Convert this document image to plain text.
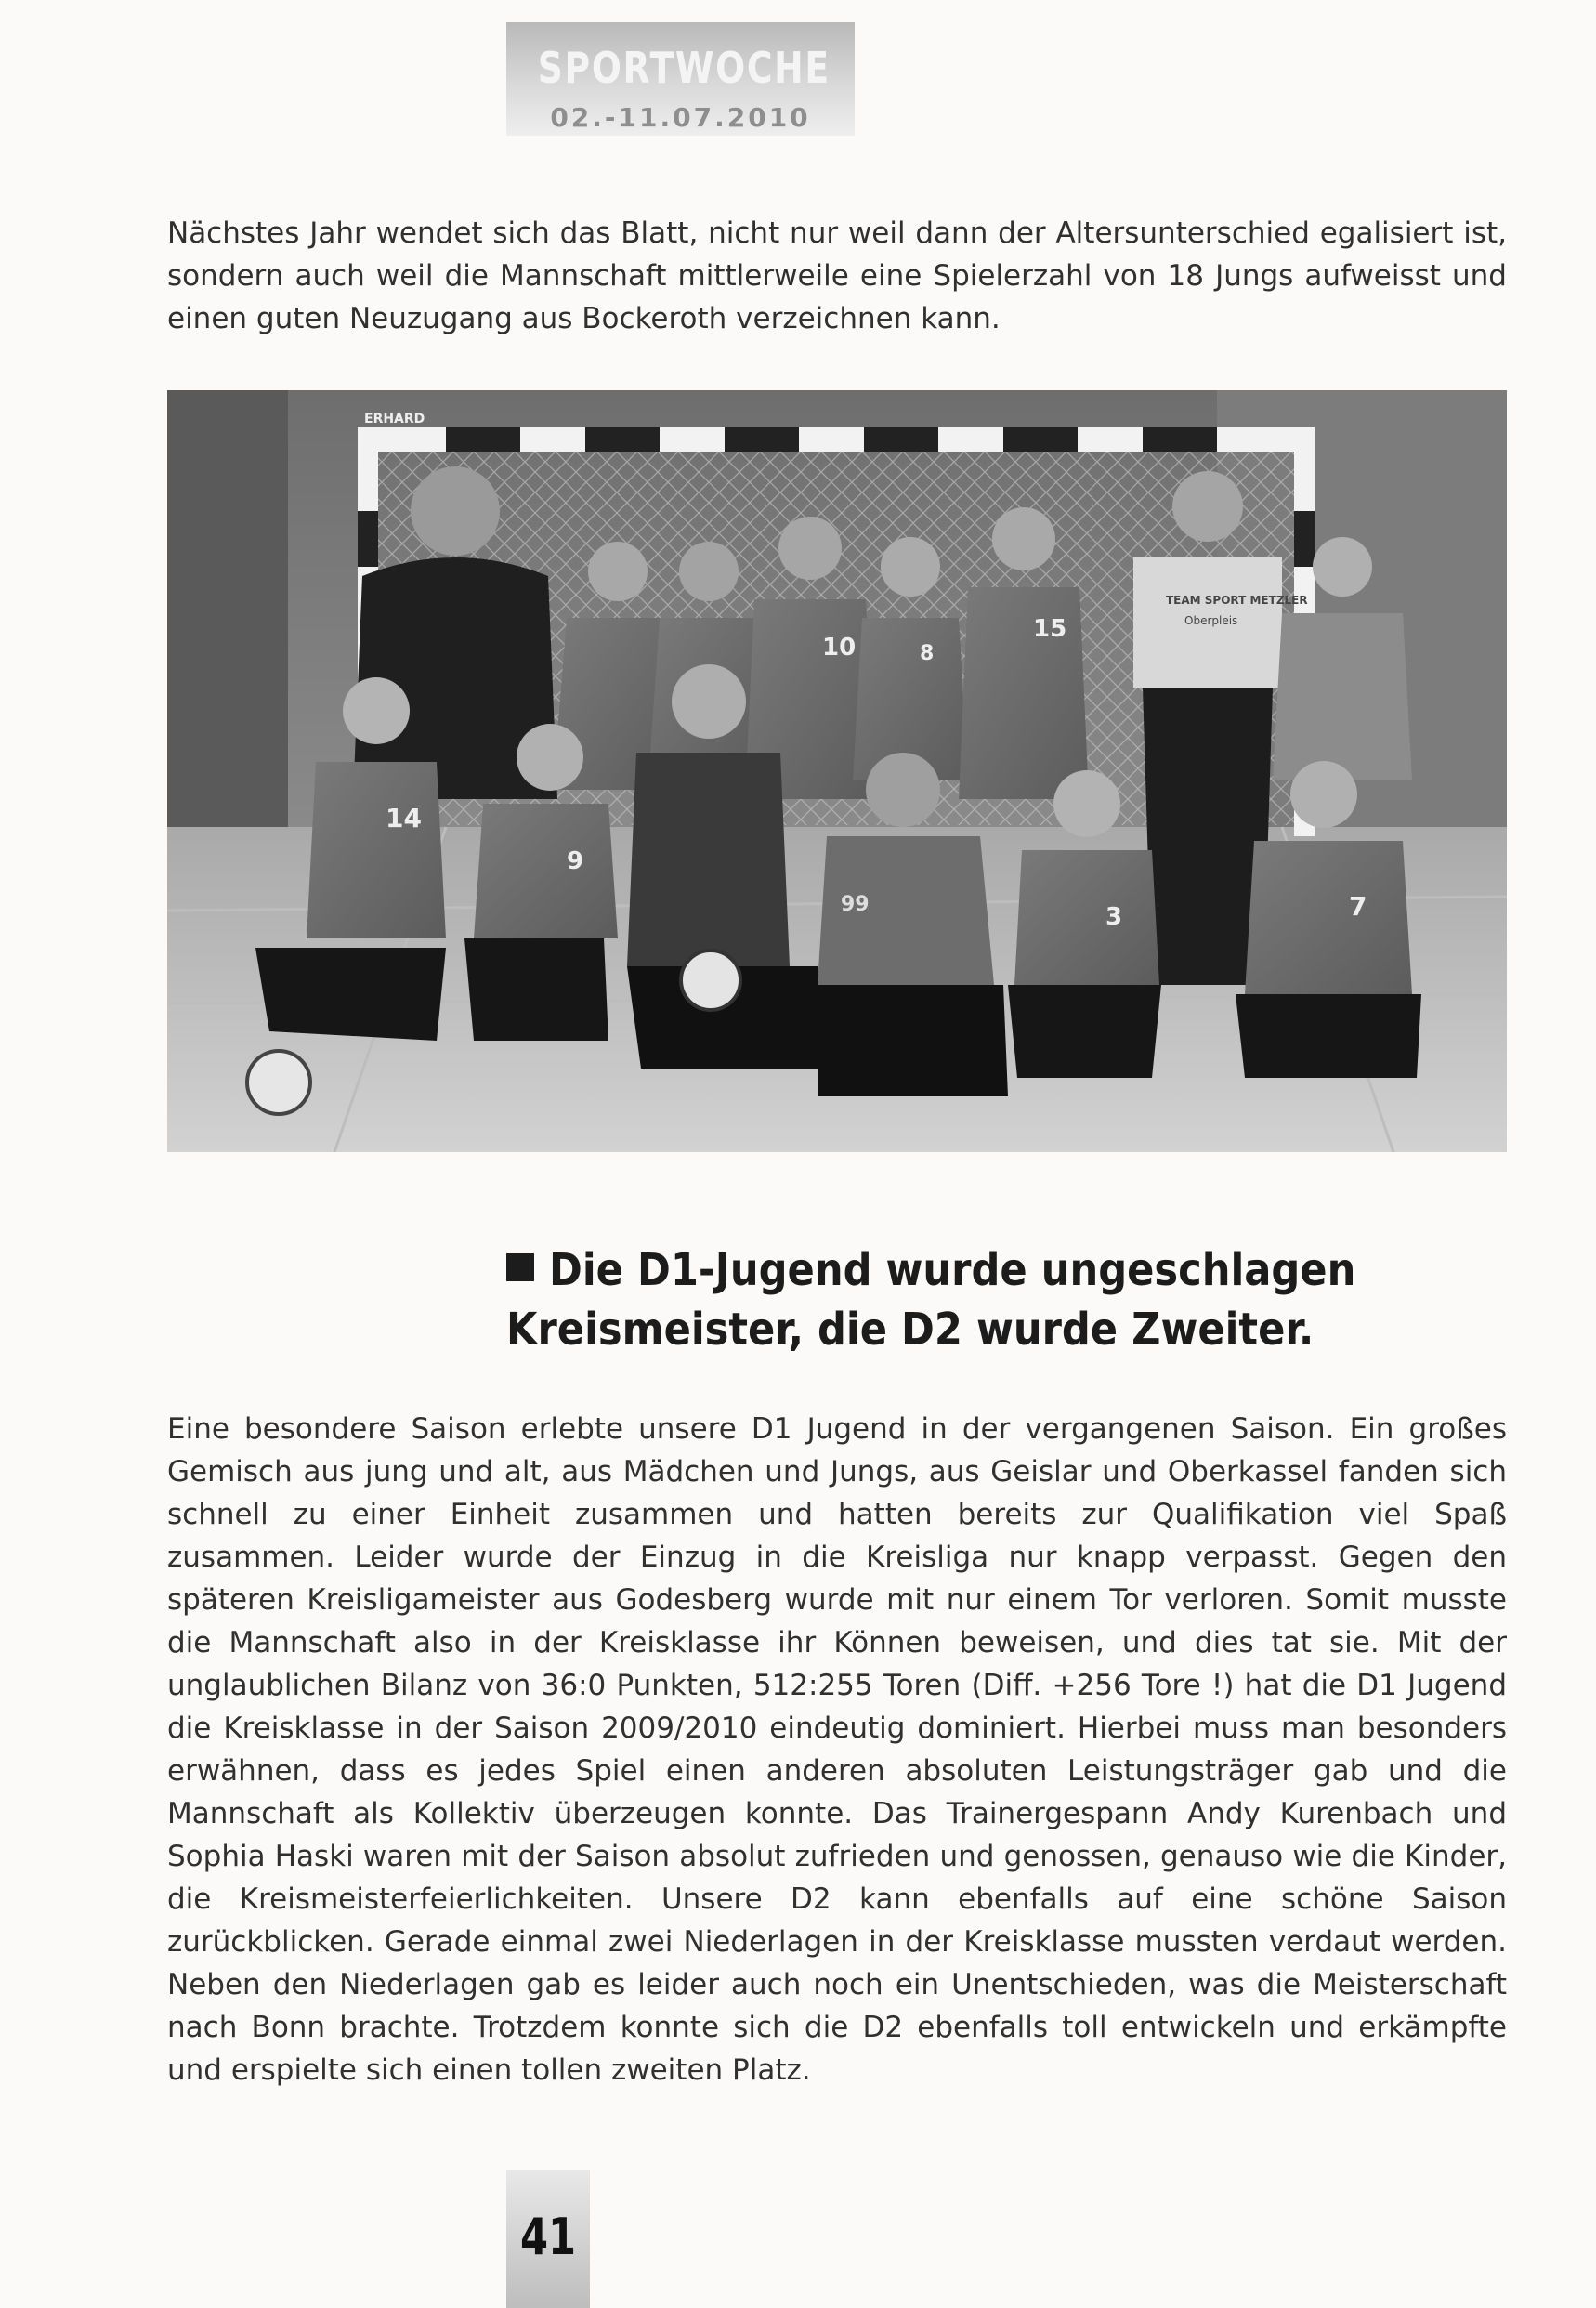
SPORTWOCHE
02.-11.07.2010
Nächstes Jahr wendet sich das Blatt, nicht nur weil dann der Altersunterschied egalisiert ist, sondern auch weil die Mannschaft mittlerweile eine Spielerzahl von 18 Jungs aufweisst und einen guten Neuzugang aus Bockeroth verzeichnen kann.
ERHARD
10	8
15
TEAM SPORT METZLER
Oberpleis
14
9
99	3	7
Die D1-Jugend wurde ungeschlagen Kreismeister, die D2 wurde Zweiter.
Eine besondere Saison erlebte unsere D1 Jugend in der vergangenen Saison. Ein großes Gemisch aus jung und alt, aus Mädchen und Jungs, aus Geislar und Oberkassel fanden sich schnell zu einer Einheit zusammen und hatten bereits zur Qualifikation viel Spaß zusammen. Leider wurde der Einzug in die Kreisliga nur knapp verpasst. Gegen den späteren Kreisligameister aus Godesberg wurde mit nur einem Tor verloren. Somit musste die Mannschaft also in der Kreisklasse ihr Können beweisen, und dies tat sie. Mit der unglaublichen Bilanz von 36:0 Punkten, 512:255 Toren (Diff. +256 Tore !) hat die D1 Jugend die Kreisklasse in der Saison 2009/2010 eindeutig dominiert. Hierbei muss man besonders erwähnen, dass es jedes Spiel einen anderen absoluten Leistungsträger gab und die Mannschaft als Kollektiv überzeugen konnte. Das Trainergespann Andy Kurenbach und Sophia Haski waren mit der Saison absolut zufrieden und genossen, genauso wie die Kinder, die Kreismeisterfeierlichkeiten. Unsere D2 kann ebenfalls auf eine schöne Saison zurückblicken. Gerade einmal zwei Niederlagen in der Kreisklasse mussten verdaut werden. Neben den Niederlagen gab es leider auch noch ein Unentschieden, was die Meisterschaft nach Bonn brachte. Trotzdem konnte sich die D2 ebenfalls toll entwickeln und erkämpfte und erspielte sich einen tollen zweiten Platz.
41
